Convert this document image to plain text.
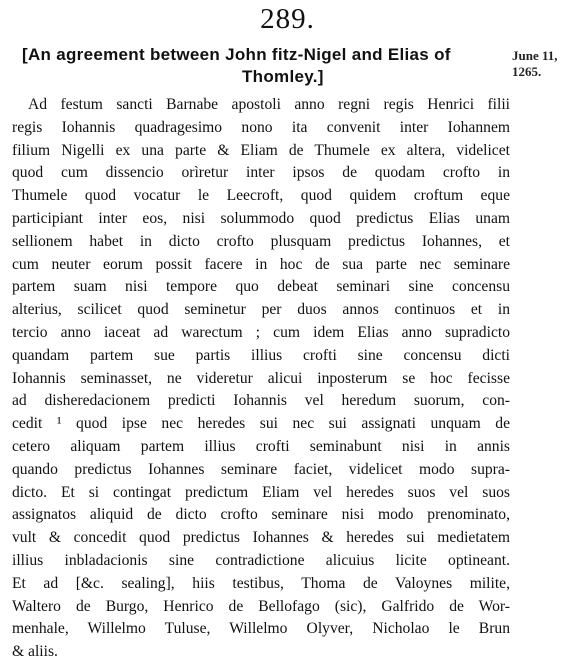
289.
[An agreement between John fitz-Nigel and Elias of
Thomley.]
June 11,
1265.
Ad festum sancti Barnabe apostoli anno regni regis Henrici filii
regis Iohannis quadragesimo nono ita convenit inter Iohannem
filium Nigelli ex una parte & Eliam de Thumele ex altera, videlicet
quod cum dissencio orìretur inter ipsos de quodam crofto in
Thumele quod vocatur le Leecroft, quod quidem croftum eque
participiant inter eos, nisi solummodo quod predictus Elias unam
sellionem habet in dicto crofto plusquam predictus Iohannes, et
cum neuter eorum possit facere in hoc de sua parte nec seminare
partem suam nisi tempore quo debeat seminari sine concensu
alterius, scilicet quod seminetur per duos annos continuos et in
tercio anno iaceat ad warectum ; cum idem Elias anno supradicto
quandam partem sue partis illius crofti sine concensu dicti
Iohannis seminasset, ne videretur alicui inposterum se hoc fecisse
ad disheredacionem predicti Iohannis vel heredum suorum, con-
cedit ¹ quod ipse nec heredes sui nec sui assignati unquam de
cetero aliquam partem illius crofti seminabunt nisi in annis
quando predictus Iohannes seminare faciet, videlicet modo supra-
dicto. Et si contingat predictum Eliam vel heredes suos vel suos
assignatos aliquid de dicto crofto seminare nisi modo prenominato,
vult & concedit quod predictus Iohannes & heredes sui medietatem
illius inbladacionis sine contradictione alicuius licite optineant.
Et ad [&c. sealing], hiis testibus, Thoma de Valoynes milite,
Waltero de Burgo, Henrico de Bellofago (sic), Galfrido de Wor-
menhale, Willelmo Tuluse, Willelmo Olyver, Nicholao le Brun
& aliis.
